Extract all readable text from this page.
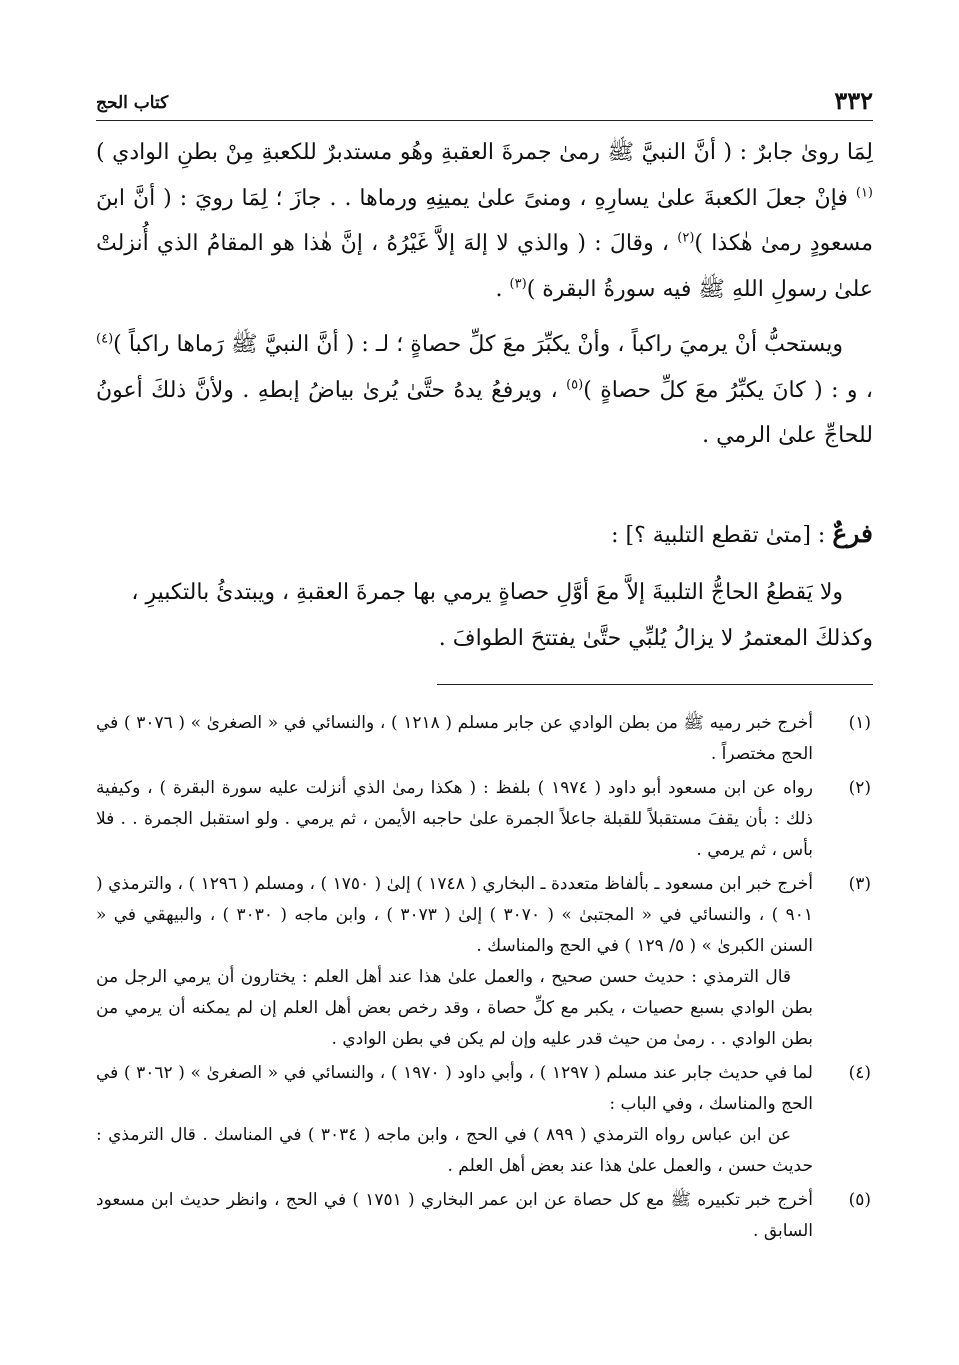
٣٣٢
كتاب الحج

لِمَا روىٰ جابرٌ : ( أنَّ النبيَّ ﷺ رمىٰ جمرةَ العقبةِ وهُو مستدبرٌ للكعبةِ مِنْ بطنِ الوادي )$^{(١)}$ فإنْ جعلَ الكعبةَ علىٰ يسارِهِ ، ومنىً علىٰ يمينِهِ ورماها . . جازَ ؛ لِمَا رويَ : ( أنَّ ابنَ مسعودٍ رمىٰ هٰكذا )$^{(٢)}$ ، وقالَ : ( والذي لا إلهَ إلاَّ غَيْرُهُ ، إنَّ هٰذا هو المقامُ الذي أُنزلتْ علىٰ رسولِ اللهِ ﷺ فيه سورةُ البقرة )$^{(٣)}$ .

ويستحبُّ أنْ يرميَ راكباً ، وأنْ يكبِّرَ معَ كلِّ حصاةٍ ؛ لـ : ( أنَّ النبيَّ ﷺ رَماها راكباً )$^{(٤)}$ ، و : ( كانَ يكبِّرُ معَ كلِّ حصاةٍ )$^{(٥)}$ ، ويرفعُ يدهُ حتَّىٰ يُرىٰ بياضُ إبطهِ . ولأنَّ ذلكَ أعونُ للحاجِّ علىٰ الرمي .

فرعٌ : [متىٰ تقطع التلبية ؟] :

ولا يَقطعُ الحاجُّ التلبيةَ إلاَّ معَ أوَّلِ حصاةٍ يرمي بها جمرةَ العقبةِ ، ويبتدئُ بالتكبيرِ ، وكذلكَ المعتمرُ لا يزالُ يُلبِّي حتَّىٰ يفتتحَ الطوافَ .

(١)
أخرج خبر رميه ﷺ من بطن الوادي عن جابر مسلم ( ١٢١٨ ) ، والنسائي في « الصغرىٰ » ( ٣٠٧٦ ) في الحج مختصراً .
(٢)
رواه عن ابن مسعود أبو داود ( ١٩٧٤ ) بلفظ : ( هكذا رمىٰ الذي أنزلت عليه سورة البقرة ) ، وكيفية ذلك : بأن يقفَ مستقبلاً للقبلة جاعلاً الجمرة علىٰ حاجبه الأيمن ، ثم يرمي . ولو استقبل الجمرة . . فلا بأس ، ثم يرمي .
(٣)
أخرج خبر ابن مسعود ـ بألفاظ متعددة ـ البخاري ( ١٧٤٨ ) إلىٰ ( ١٧٥٠ ) ، ومسلم ( ١٢٩٦ ) ، والترمذي ( ٩٠١ ) ، والنسائي في « المجتبىٰ » ( ٣٠٧٠ ) إلىٰ ( ٣٠٧٣ ) ، وابن ماجه ( ٣٠٣٠ ) ، والبيهقي في « السنن الكبرىٰ » ( ٥/ ١٢٩ ) في الحج والمناسك .
قال الترمذي : حديث حسن صحيح ، والعمل علىٰ هذا عند أهل العلم : يختارون أن يرمي الرجل من بطن الوادي بسبع حصيات ، يكبر مع كلِّ حصاة ، وقد رخص بعض أهل العلم إن لم يمكنه أن يرمي من بطن الوادي . . رمىٰ من حيث قدر عليه وإن لم يكن في بطن الوادي .
(٤)
لما في حديث جابر عند مسلم ( ١٢٩٧ ) ، وأبي داود ( ١٩٧٠ ) ، والنسائي في « الصغرىٰ » ( ٣٠٦٢ ) في الحج والمناسك ، وفي الباب :
عن ابن عباس رواه الترمذي ( ٨٩٩ ) في الحج ، وابن ماجه ( ٣٠٣٤ ) في المناسك . قال الترمذي : حديث حسن ، والعمل علىٰ هذا عند بعض أهل العلم .
(٥)
أخرج خبر تكبيره ﷺ مع كل حصاة عن ابن عمر البخاري ( ١٧٥١ ) في الحج ، وانظر حديث ابن مسعود السابق .
